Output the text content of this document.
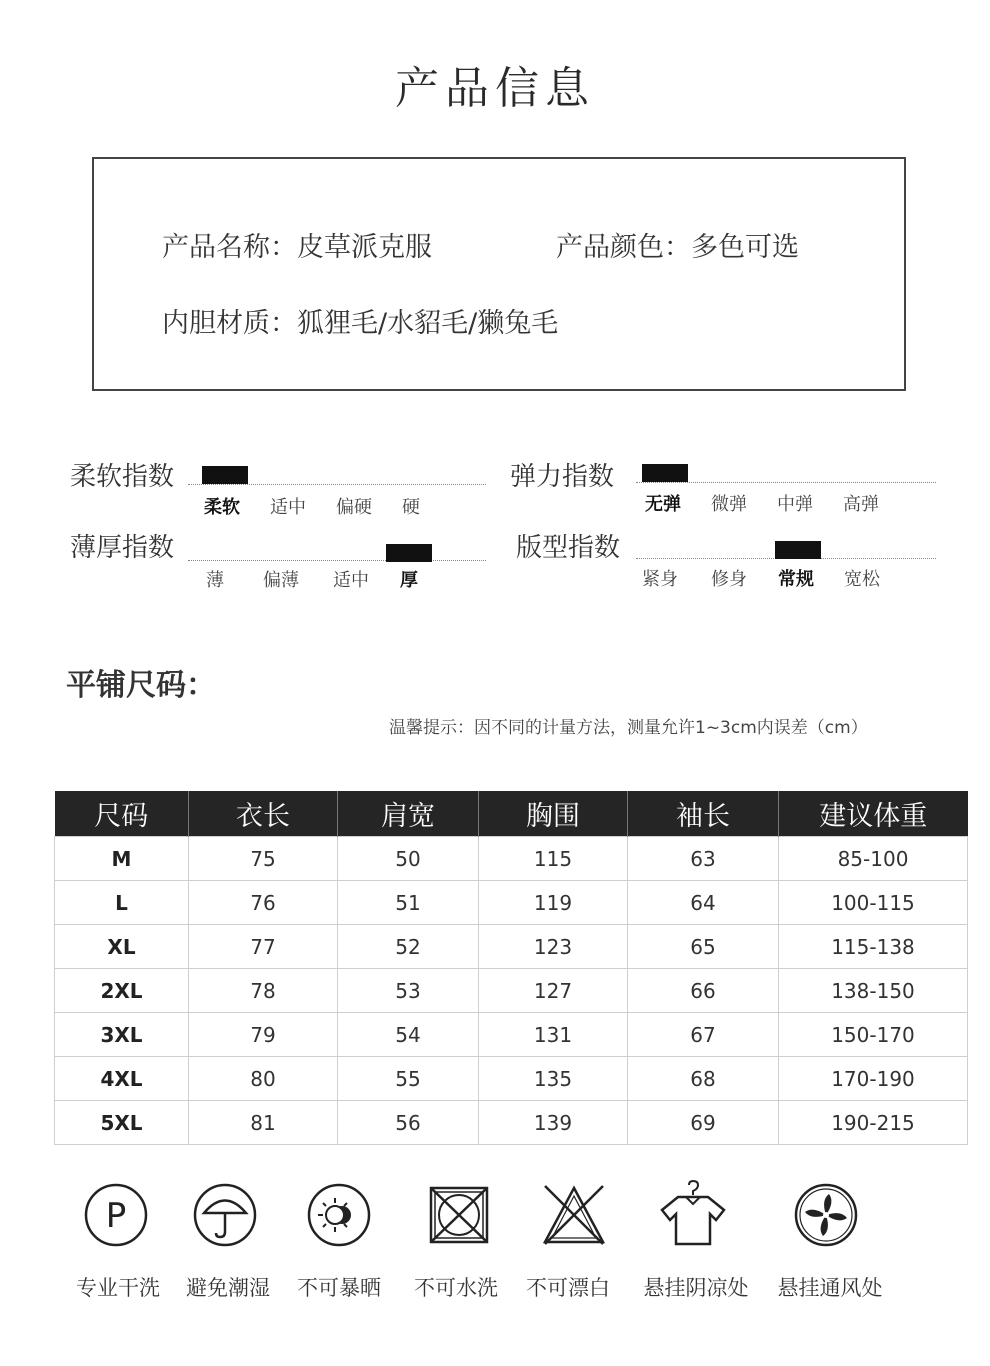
产品信息
产品名称：皮草派克服	产品颜色：多色可选
内胆材质：狐狸毛/水貂毛/獭兔毛
柔软指数
柔软 适中 偏硬 硬
弹力指数
无弹 微弹 中弹 高弹
薄厚指数
薄 偏薄 适中 厚
版型指数
紧身 修身 常规 宽松
平铺尺码：
温馨提示：因不同的计量方法，测量允许1~3cm内误差（cm）
尺码	衣长	肩宽	胸围	袖长	建议体重
M	75	50	115	63	85-100
L	76	51	119	64	100-115
XL	77	52	123	65	115-138
2XL	78	53	127	66	138-150
3XL	79	54	131	67	150-170
4XL	80	55	135	68	170-190
5XL	81	56	139	69	190-215
P
专业干洗	避免潮湿	不可暴晒	不可水洗	不可漂白	悬挂阴凉处	悬挂通风处
